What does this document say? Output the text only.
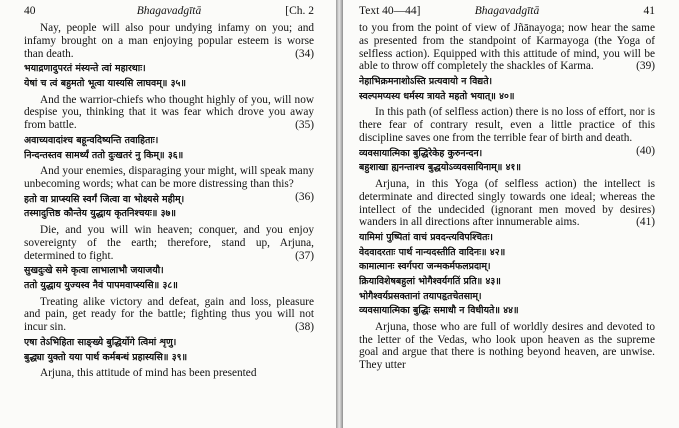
40	Bhagavadgītā	[Ch. 2

Nay, people will also pour undying infamy on you; and infamy brought on a man enjoying popular esteem is worse than death.	(34)

भयाद्रणादुपरतं मंस्यन्ते त्वां महारथाः।
येषां च त्वं बहुमतो भूत्वा यास्यसि लाघवम्॥ ३५॥

And the warrior-chiefs who thought highly of you, will now despise you, thinking that it was fear which drove you away from battle.	(35)

अवाच्यवादांश्च बहून्वदिष्यन्ति तवाहिताः।
निन्दन्तस्तव सामर्थ्यं ततो दुःखतरं नु किम्॥ ३६॥

And your enemies, disparaging your might, will speak many unbecoming words; what can be more distressing than this?
(36)

हतो वा प्राप्स्यसि स्वर्गं जित्वा वा भोक्ष्यसे महीम्।
तस्मादुत्तिष्ठ कौन्तेय युद्धाय कृतनिश्चयः॥ ३७॥

Die, and you will win heaven; conquer, and you enjoy sovereignty of the earth; therefore, stand up, Arjuna, determined to fight.	(37)

सुखदुःखे समे कृत्वा लाभालाभौ जयाजयौ।
ततो युद्धाय युज्यस्व नैवं पापमवाप्स्यसि॥ ३८॥

Treating alike victory and defeat, gain and loss, pleasure and pain, get ready for the battle; fighting thus you will not incur sin.	(38)

एषा तेऽभिहिता साङ्ख्ये बुद्धिर्योगे त्विमां शृणु।
बुद्ध्या युक्तो यया पार्थ कर्मबन्धं प्रहास्यसि॥ ३९॥

Arjuna, this attitude of mind has been presented

Text 40—44]	Bhagavadgītā	41

to you from the point of view of Jñānayoga; now hear the same as presented from the standpoint of Karmayoga (the Yoga of selfless action). Equipped with this attitude of mind, you will be able to throw off completely the shackles of Karma.	(39)

नेहाभिक्रमनाशोऽस्ति प्रत्यवायो न विद्यते।
स्वल्पमप्यस्य धर्मस्य त्रायते महतो भयात्॥ ४०॥

In this path (of selfless action) there is no loss of effort, nor is there fear of contrary result, even a little practice of this discipline saves one from the terrible fear of birth and death.
(40)

व्यवसायात्मिका बुद्धिरेकेह कुरुनन्दन।
बहुशाखा ह्यनन्ताश्च बुद्धयोऽव्यवसायिनाम्॥ ४१॥

Arjuna, in this Yoga (of selfless action) the intellect is determinate and directed singly towards one ideal; whereas the intellect of the undecided (ignorant men moved by desires) wanders in all directions after innumerable aims.	(41)

यामिमां पुष्पितां वाचं प्रवदन्त्यविपश्चितः।
वेदवादरताः पार्थ नान्यदस्तीति वादिनः॥ ४२॥
कामात्मानः स्वर्गपरा जन्मकर्मफलप्रदाम्।
क्रियाविशेषबहुलां भोगैश्वर्यगतिं प्रति॥ ४३॥
भोगैश्वर्यप्रसक्तानां तयापहृतचेतसाम्।
व्यवसायात्मिका बुद्धिः समाधौ न विधीयते॥ ४४॥

Arjuna, those who are full of worldly desires and devoted to the letter of the Vedas, who look upon heaven as the supreme goal and argue that there is nothing beyond heaven, are unwise. They utter
